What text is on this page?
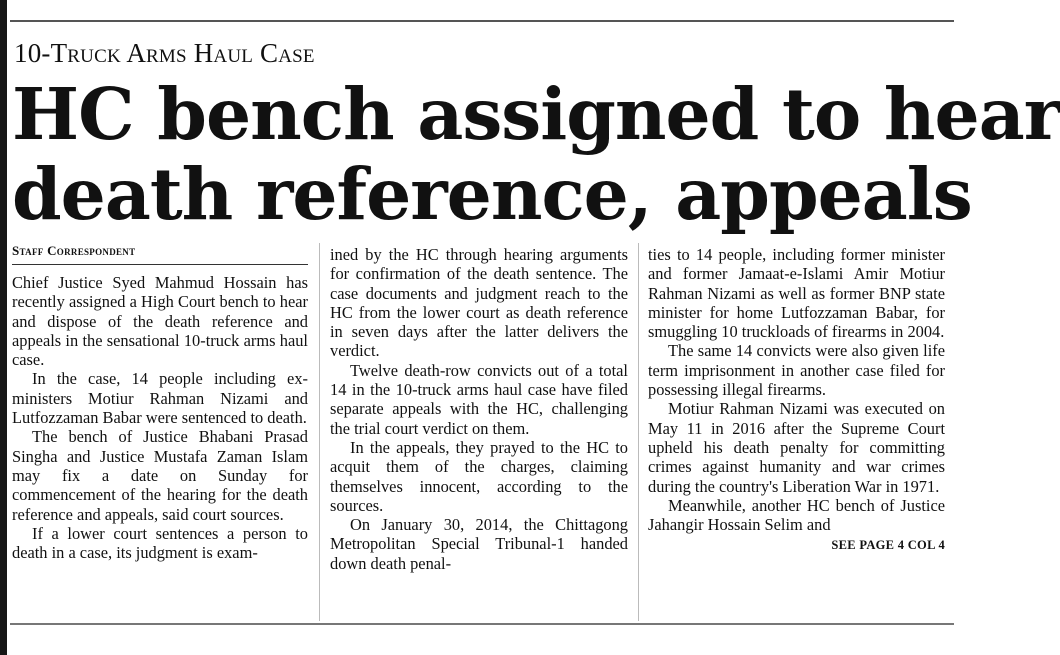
10-Truck Arms Haul Case
HC bench assigned to hear
death reference, appeals
Staff Correspondent

Chief Justice Syed Mahmud Hossain has recently assigned a High Court bench to hear and dispose of the death reference and appeals in the sensational 10-truck arms haul case.

In the case, 14 people including ex-ministers Motiur Rahman Nizami and Lutfozzaman Babar were sentenced to death.

The bench of Justice Bhabani Prasad Singha and Justice Mustafa Zaman Islam may fix a date on Sunday for commencement of the hearing for the death reference and appeals, said court sources.

If a lower court sentences a person to death in a case, its judgment is exam-

ined by the HC through hearing arguments for confirmation of the death sentence. The case documents and judgment reach to the HC from the lower court as death reference in seven days after the latter delivers the verdict.

Twelve death-row convicts out of a total 14 in the 10-truck arms haul case have filed separate appeals with the HC, challenging the trial court verdict on them.

In the appeals, they prayed to the HC to acquit them of the charges, claiming themselves innocent, according to the sources.

On January 30, 2014, the Chittagong Metropolitan Special Tribunal-1 handed down death penal-

ties to 14 people, including former minister and former Jamaat-e-Islami Amir Motiur Rahman Nizami as well as former BNP state minister for home Lutfozzaman Babar, for smuggling 10 truckloads of firearms in 2004.

The same 14 convicts were also given life term imprisonment in another case filed for possessing illegal firearms.

Motiur Rahman Nizami was executed on May 11 in 2016 after the Supreme Court upheld his death penalty for committing crimes against humanity and war crimes during the country's Liberation War in 1971.

Meanwhile, another HC bench of Justice Jahangir Hossain Selim and

SEE PAGE 4 COL 4
